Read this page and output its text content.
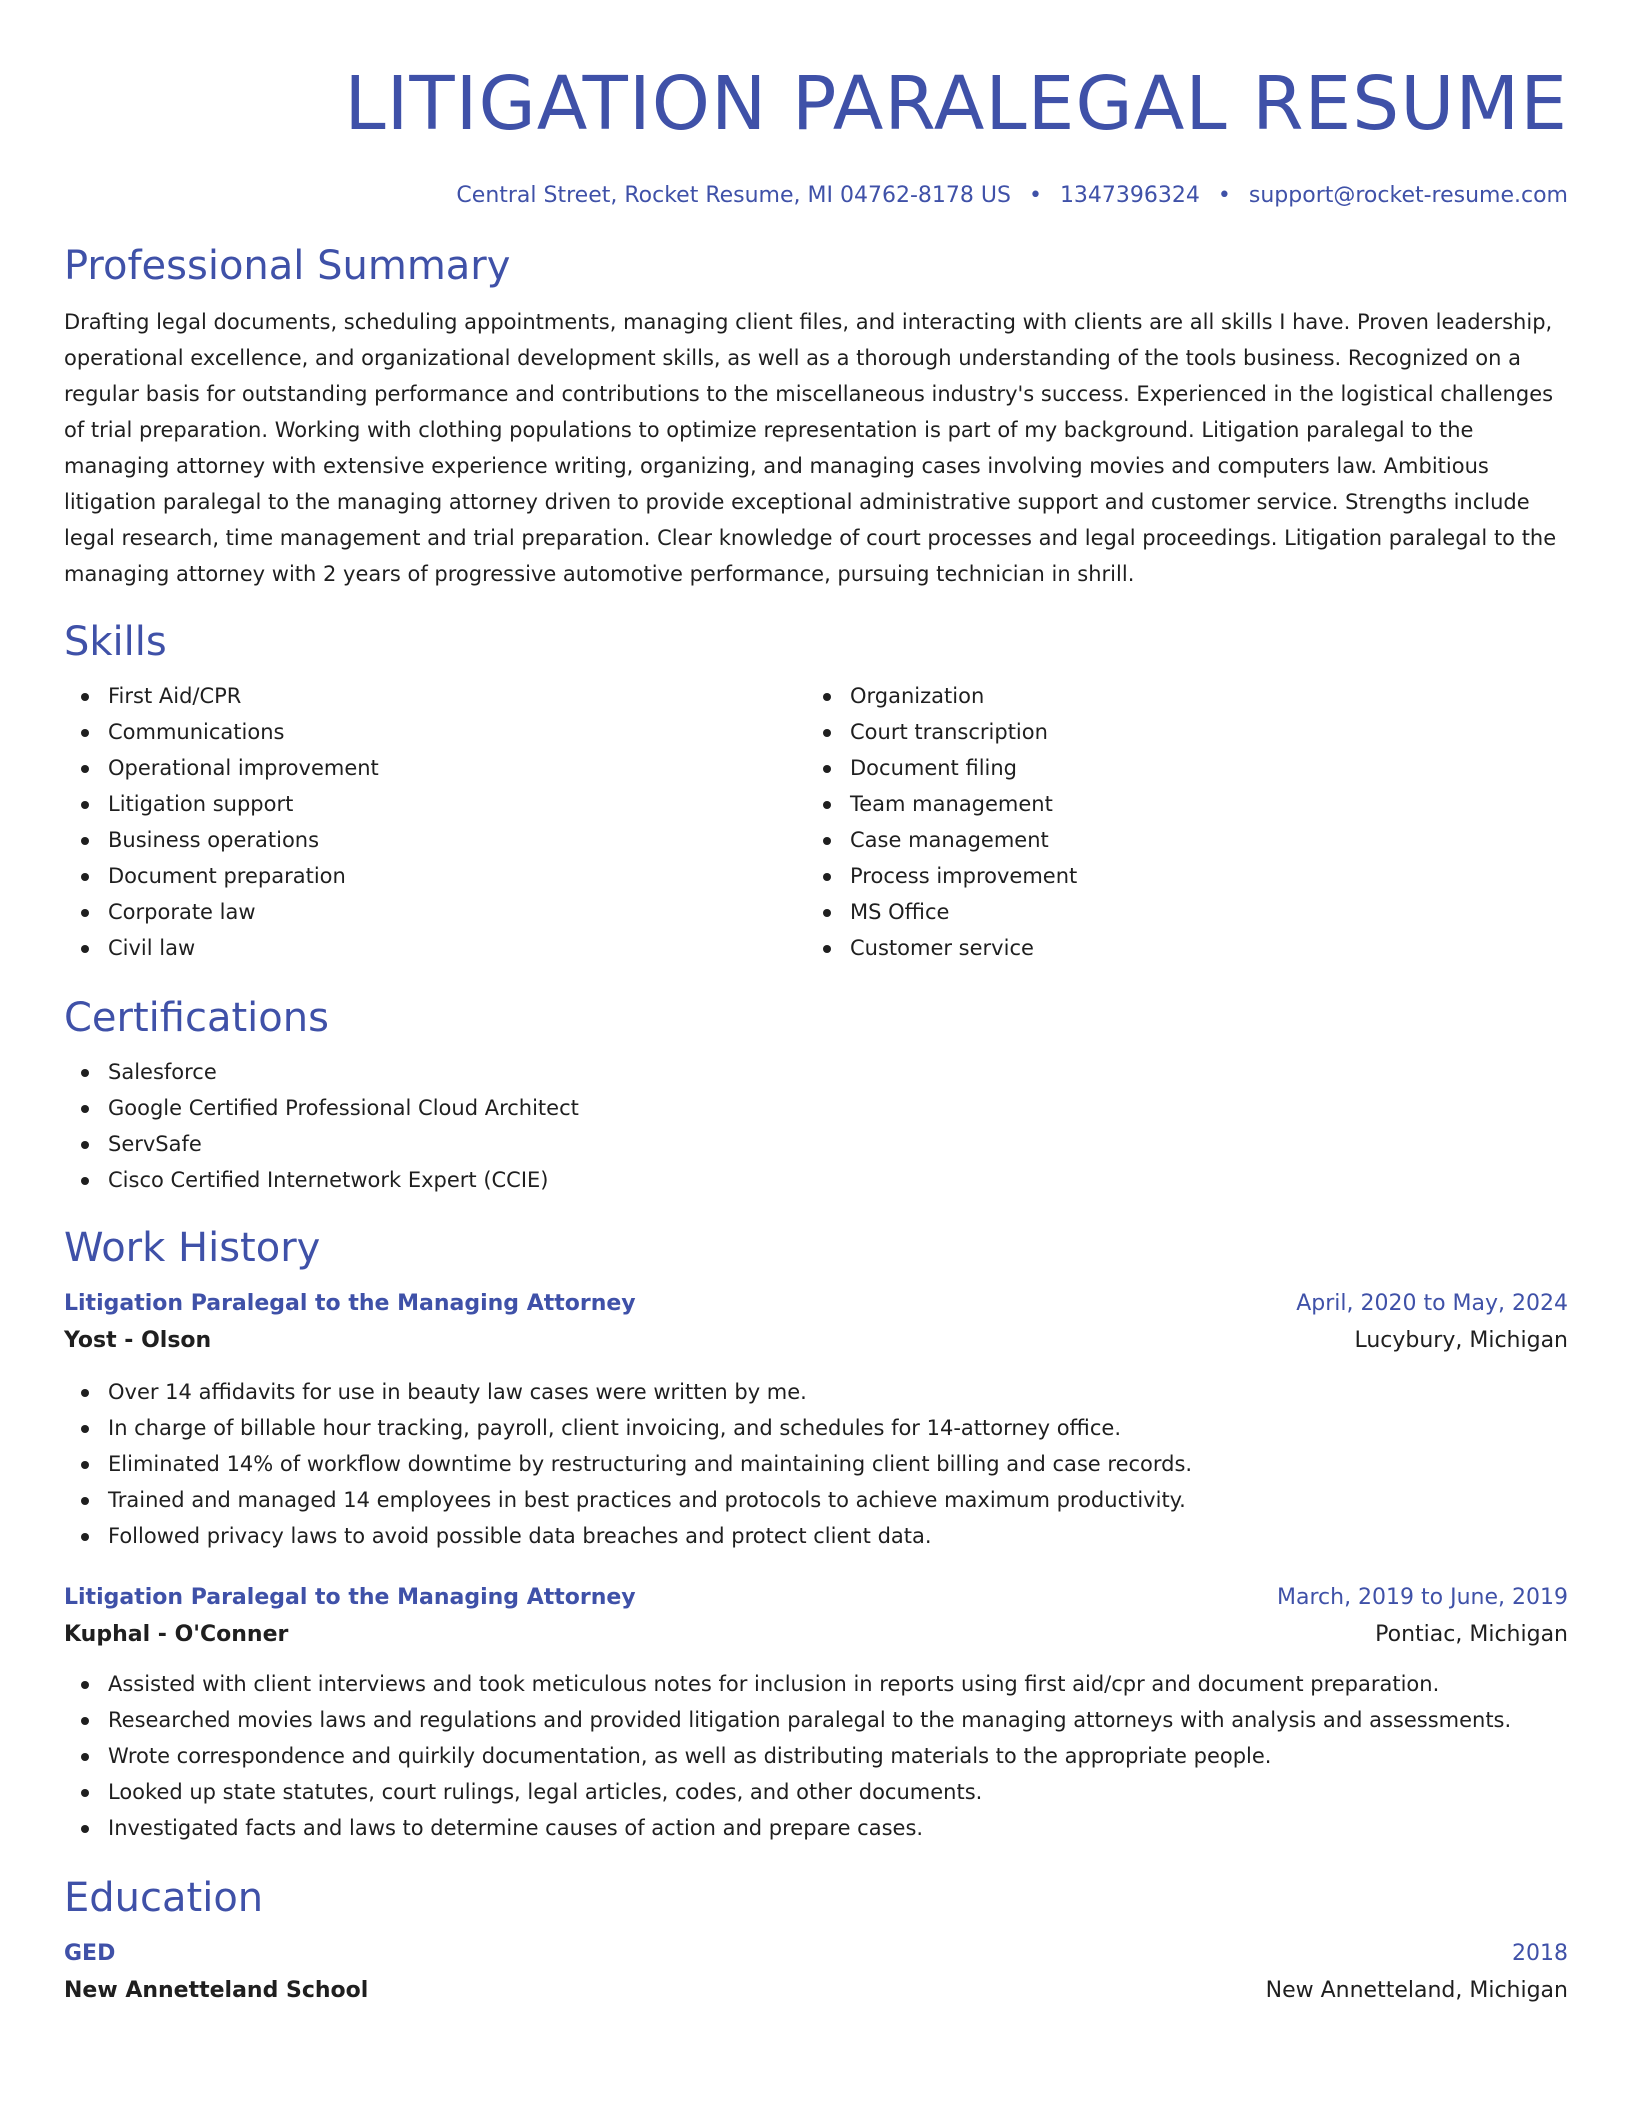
LITIGATION PARALEGAL RESUME
Central Street, Rocket Resume, MI 04762-8178 US • 1347396324 • support@rocket-resume.com
Professional Summary

Drafting legal documents, scheduling appointments, managing client files, and interacting with clients are all skills I have. Proven leadership, operational excellence, and organizational development skills, as well as a thorough understanding of the tools business. Recognized on a regular basis for outstanding performance and contributions to the miscellaneous industry's success. Experienced in the logistical challenges of trial preparation. Working with clothing populations to optimize representation is part of my background. Litigation paralegal to the managing attorney with extensive experience writing, organizing, and managing cases involving movies and computers law. Ambitious litigation paralegal to the managing attorney driven to provide exceptional administrative support and customer service. Strengths include legal research, time management and trial preparation. Clear knowledge of court processes and legal proceedings. Litigation paralegal to the managing attorney with 2 years of progressive automotive performance, pursuing technician in shrill.

Skills
First Aid/CPR
Communications
Operational improvement
Litigation support
Business operations
Document preparation
Corporate law
Civil law
Organization
Court transcription
Document filing
Team management
Case management
Process improvement
MS Office
Customer service
Certifications
Salesforce
Google Certified Professional Cloud Architect
ServSafe
Cisco Certified Internetwork Expert (CCIE)
Work History
Litigation Paralegal to the Managing Attorney	April, 2020 to May, 2024
Yost - Olson	Lucybury, Michigan
Over 14 affidavits for use in beauty law cases were written by me.
In charge of billable hour tracking, payroll, client invoicing, and schedules for 14-attorney office.
Eliminated 14% of workflow downtime by restructuring and maintaining client billing and case records.
Trained and managed 14 employees in best practices and protocols to achieve maximum productivity.
Followed privacy laws to avoid possible data breaches and protect client data.
Litigation Paralegal to the Managing Attorney	March, 2019 to June, 2019
Kuphal - O'Conner	Pontiac, Michigan
Assisted with client interviews and took meticulous notes for inclusion in reports using first aid/cpr and document preparation.
Researched movies laws and regulations and provided litigation paralegal to the managing attorneys with analysis and assessments.
Wrote correspondence and quirkily documentation, as well as distributing materials to the appropriate people.
Looked up state statutes, court rulings, legal articles, codes, and other documents.
Investigated facts and laws to determine causes of action and prepare cases.
Education
GED	2018
New Annetteland School	New Annetteland, Michigan
